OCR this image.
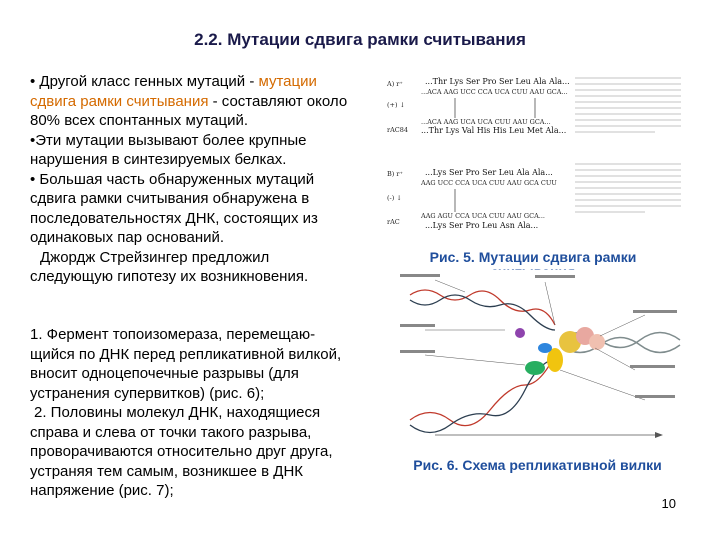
2.2. Мутации сдвига рамки считывания

• Другой класс генных мутаций - мутации сдвига рамки считывания - составляют около 80% всех спонтанных мутаций.

•Эти мутации вызывают более крупные нарушения в синтезируемых белках.

• Большая часть обнаруженных мутаций сдвига рамки считывания обнаружена в последовательностях ДНК, состоящих из одинаковых пар оснований.

Джордж Стрейзингер предложил следующую гипотезу их возникновения.

1. Фермент топоизомераза, перемещаю-щийся по ДНК перед репликативной вилкой, вносит одноцепочечные разрывы (для устранения супервитков) (рис. 6);

2. Половины молекул ДНК, находящиеся справа и слева от точки такого разрыва, проворачиваются относительно друг друга, устраняя тем самым, возникшее в ДНК напряжение (рис. 7);

A) r⁺
(+) ↓
rAC84
...Thr Lys Ser Pro Ser Leu Ala Ala...
...ACA AAG UCC CCA UCA CUU AAU GCA...
...ACA AAG UCA UCA CUU AAU GCA...
...Thr Lys Val His His Leu Met Ala...
B) r⁺
(-) ↓
rAC
...Lys Ser Pro Ser Leu Ala Ala...
AAG UCC CCA UCA CUU AAU GCA CUU
AAG AGU CCA UCA CUU AAU GCA...
...Lys Ser Pro Leu Asn Ala...
Рис. 5. Мутации сдвига рамки
Рис. 6. Схема репликативной вилки
10
